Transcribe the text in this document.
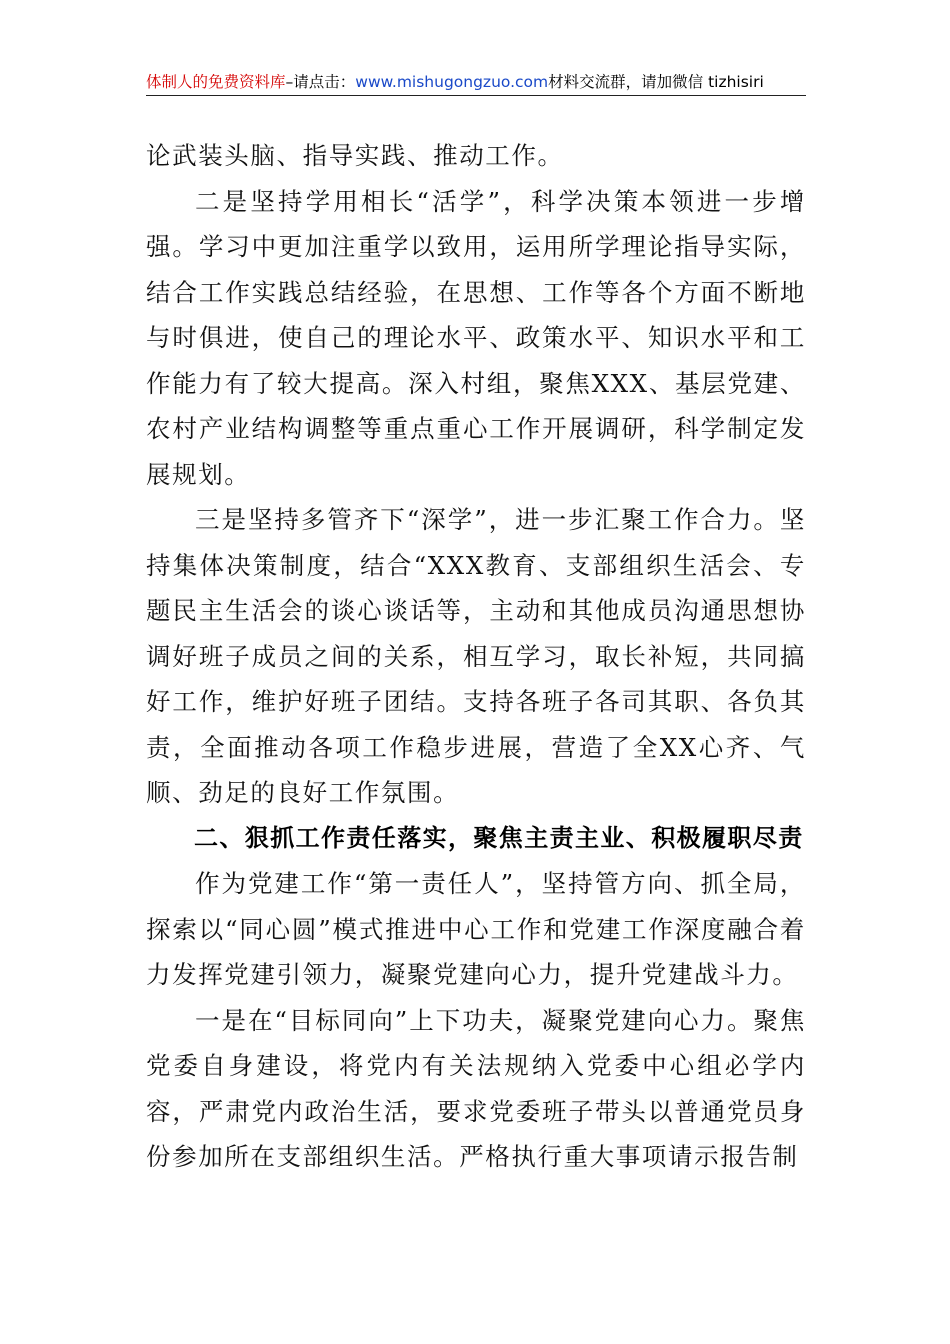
体制人的免费资料库–请点击：www.mishugongzuo.com材料交流群，请加微信 tizhisiri

论武装头脑、指导实践、推动工作。

二是坚持学用相长“活学”，科学决策本领进一步增强。学习中更加注重学以致用，运用所学理论指导实际，结合工作实践总结经验，在思想、工作等各个方面不断地与时俱进，使自己的理论水平、政策水平、知识水平和工作能力有了较大提高。深入村组，聚焦XXX、基层党建、农村产业结构调整等重点重心工作开展调研，科学制定发展规划。

三是坚持多管齐下“深学”，进一步汇聚工作合力。坚持集体决策制度，结合“XXX教育、支部组织生活会、专题民主生活会的谈心谈话等，主动和其他成员沟通思想协调好班子成员之间的关系，相互学习，取长补短，共同搞好工作，维护好班子团结。支持各班子各司其职、各负其责，全面推动各项工作稳步进展，营造了全XX心齐、气顺、劲足的良好工作氛围。

二、狠抓工作责任落实，聚焦主责主业、积极履职尽责

作为党建工作“第一责任人”，坚持管方向、抓全局，探索以“同心圆”模式推进中心工作和党建工作深度融合着力发挥党建引领力，凝聚党建向心力，提升党建战斗力。

一是在“目标同向”上下功夫，凝聚党建向心力。聚焦党委自身建设，将党内有关法规纳入党委中心组必学内容，严肃党内政治生活，要求党委班子带头以普通党员身份参加所在支部组织生活。严格执行重大事项请示报告制
